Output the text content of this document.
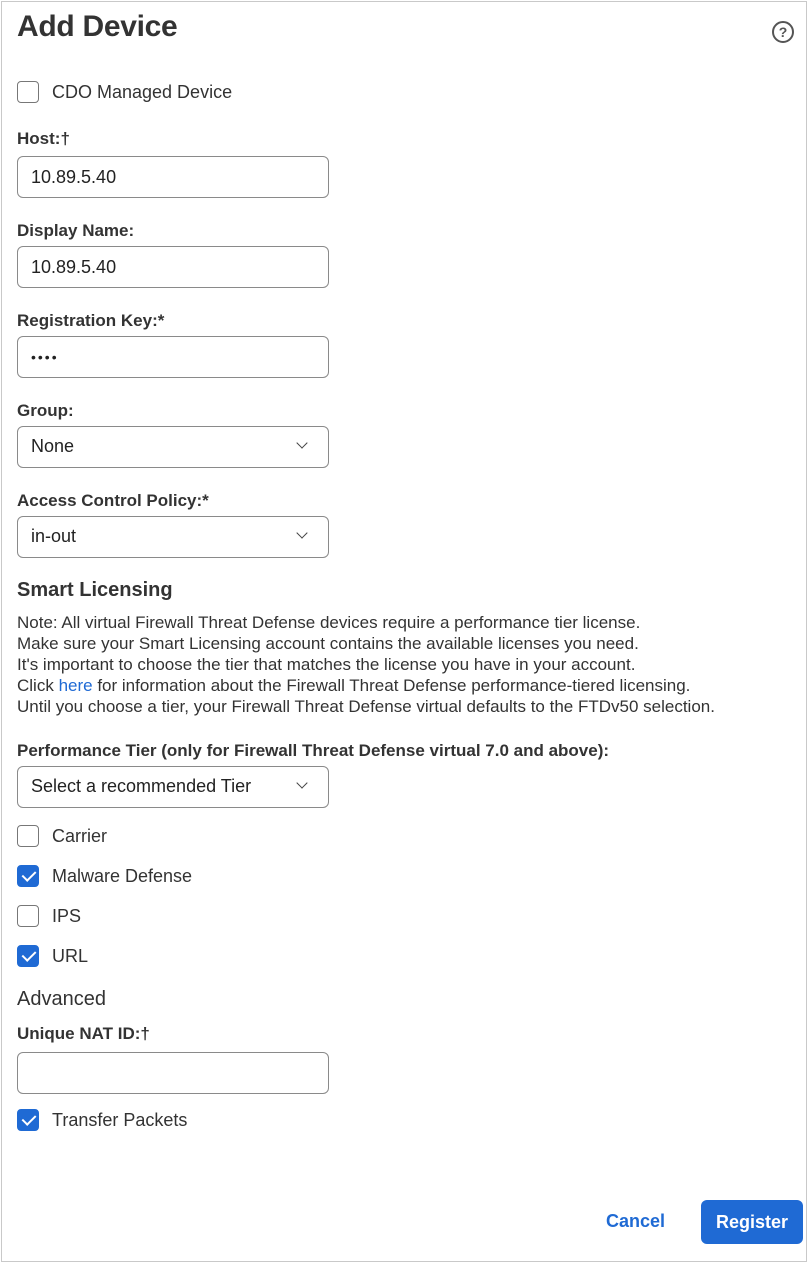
Add Device	?
CDO Managed Device
Host:†
10.89.5.40
Display Name:
10.89.5.40
Registration Key:*
••••
Group:
None
Access Control Policy:*
in-out
Smart Licensing
Note: All virtual Firewall Threat Defense devices require a performance tier license.
Make sure your Smart Licensing account contains the available licenses you need.
It's important to choose the tier that matches the license you have in your account.
Click here for information about the Firewall Threat Defense performance-tiered licensing.
Until you choose a tier, your Firewall Threat Defense virtual defaults to the FTDv50 selection.
Performance Tier (only for Firewall Threat Defense virtual 7.0 and above):
Select a recommended Tier
Carrier
Malware Defense
IPS
URL
Advanced
Unique NAT ID:†
Transfer Packets
Cancel	Register
